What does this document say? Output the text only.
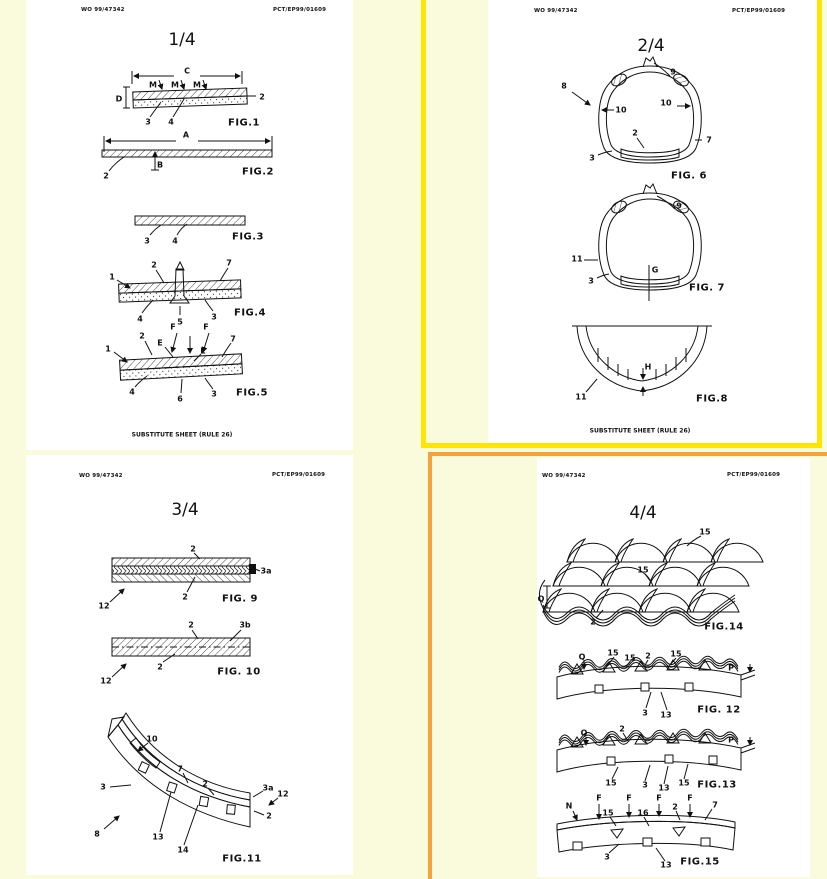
WO 99/47342	PCT/EP99/01609
1/4
FIG.1
C
M M M
D	2
3 4
FIG.2
A
B
2
FIG.3
3	4
FIG.4
1
2	7
4	5
3
FIG.5
F	F
E
E
1
2	7
4
6
3
SUBSTITUTE SHEET (RULE 26)
WO 99/47342	PCT/EP99/01609
2/4
FIG. 6
8
9
10
10
2
3
7
FIG. 7
9
11
3
G
FIG.8
11
H
SUBSTITUTE SHEET (RULE 26)
WO 99/47342	PCT/EP99/01609
3/4
FIG. 9
2
3a
2
12
FIG. 10
2	3b
2
12
FIG.11
10
3
7
2	3a
12
2
8	13
14
WO 99/47342	PCT/EP99/01609
4/4
FIG.14
15
15
2
Q
FIG. 12
Q	15
15 2 15
P
3 13
FIG.13
Q	2
P
15	3 13
15
FIG.15
N
F	F	F	F
15	16
2	7
3
13
